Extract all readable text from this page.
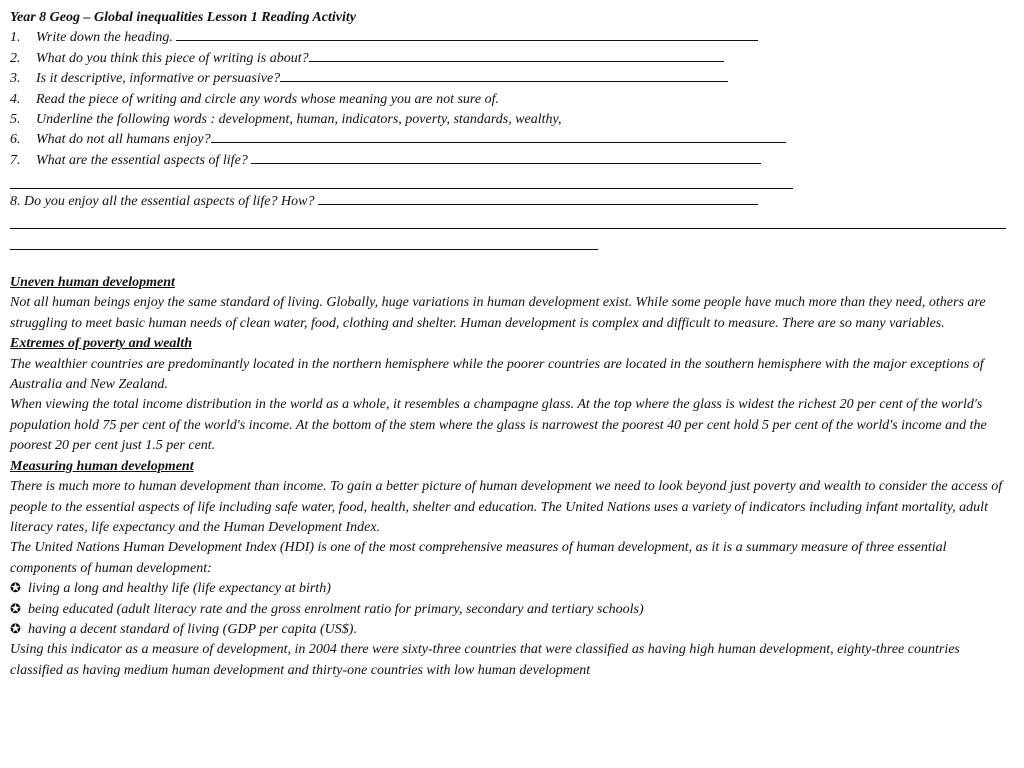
Year 8 Geog – Global inequalities Lesson 1 Reading Activity
1. Write down the heading.
2. What do you think this piece of writing is about?
3. Is it descriptive, informative or persuasive?
4. Read the piece of writing and circle any words whose meaning you are not sure of.
5. Underline the following words : development, human, indicators, poverty, standards, wealthy,
6. What do not all humans enjoy?
7. What are the essential aspects of life?
8. Do you enjoy all the essential aspects of life? How?
Uneven human development

Not all human beings enjoy the same standard of living. Globally, huge variations in human development exist. While some people have much more than they need, others are struggling to meet basic human needs of clean water, food, clothing and shelter. Human development is complex and difficult to measure. There are so many variables.

Extremes of poverty and wealth

The wealthier countries are predominantly located in the northern hemisphere while the poorer countries are located in the southern hemisphere with the major exceptions of Australia and New Zealand.

When viewing the total income distribution in the world as a whole, it resembles a champagne glass. At the top where the glass is widest the richest 20 per cent of the world's population hold 75 per cent of the world's income. At the bottom of the stem where the glass is narrowest the poorest 40 per cent hold 5 per cent of the world's income and the poorest 20 per cent just 1.5 per cent.

Measuring human development

There is much more to human development than income. To gain a better picture of human development we need to look beyond just poverty and wealth to consider the access of people to the essential aspects of life including safe water, food, health, shelter and education. The United Nations uses a variety of indicators including infant mortality, adult literacy rates, life expectancy and the Human Development Index.

The United Nations Human Development Index (HDI) is one of the most comprehensive measures of human development, as it is a summary measure of three essential components of human development:

✪ living a long and healthy life (life expectancy at birth)
✪ being educated (adult literacy rate and the gross enrolment ratio for primary, secondary and tertiary schools)
✪ having a decent standard of living (GDP per capita (US$).

Using this indicator as a measure of development, in 2004 there were sixty-three countries that were classified as having high human development, eighty-three countries classified as having medium human development and thirty-one countries with low human development
